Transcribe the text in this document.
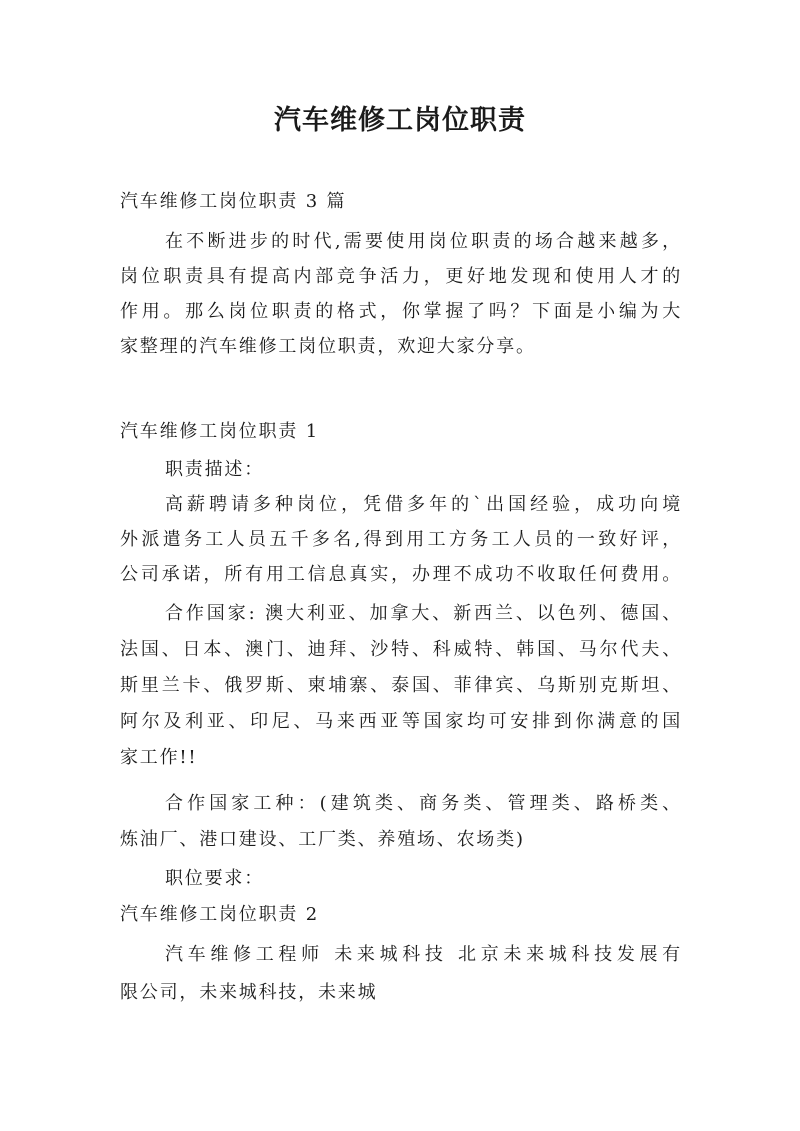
汽车维修工岗位职责

汽车维修工岗位职责 3 篇

在不断进步的时代,需要使用岗位职责的场合越来越多，

岗位职责具有提高内部竞争活力，更好地发现和使用人才的

作用。那么岗位职责的格式，你掌握了吗？下面是小编为大

家整理的汽车维修工岗位职责，欢迎大家分享。

汽车维修工岗位职责 1

职责描述：

高薪聘请多种岗位，凭借多年的`出国经验，成功向境

外派遣务工人员五千多名,得到用工方务工人员的一致好评，

公司承诺，所有用工信息真实，办理不成功不收取任何费用。

合作国家: 澳大利亚、加拿大、新西兰、以色列、德国、

法国、日本、澳门、迪拜、沙特、科威特、韩国、马尔代夫、

斯里兰卡、俄罗斯、柬埔寨、泰国、菲律宾、乌斯别克斯坦、

阿尔及利亚、印尼、马来西亚等国家均可安排到你满意的国

家工作!!

合作国家工种：(建筑类、商务类、管理类、路桥类、

炼油厂、港口建设、工厂类、养殖场、农场类)

职位要求：

汽车维修工岗位职责 2

汽车维修工程师 未来城科技 北京未来城科技发展有

限公司，未来城科技，未来城
